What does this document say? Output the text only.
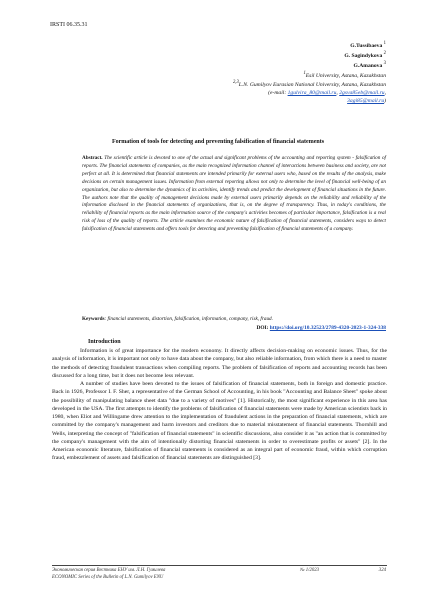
IRSTI 06.35.31
G.Tussibaeva $^1$
G. Sagindykova $^2$
G.Amanova $^3$
$^1$Esil University, Astana, Kazakhstan
$^{2,3}$L.N. Gumilyov Eurasian National University, Astana, Kazakhstan
(e-mail: 1gulvira_80@mail.ru, 2gsva85eb@mail.ru,
3agi85@mail.ru)
Formation of tools for detecting and preventing falsification of financial statements
Abstract. The scientific article is devoted to one of the actual and significant problems of the accounting and reporting system - falsification of reports. The financial statements of companies, as the main recognized information channel of interactions between business and society, are not perfect at all. It is determined that financial statements are intended primarily for external users who, based on the results of the analysis, make decisions on certain management issues. Information from external reporting allows not only to determine the level of financial well-being of an organization, but also to determine the dynamics of its activities, identify trends and predict the development of financial situations in the future. The authors note that the quality of management decisions made by external users primarily depends on the reliability and reliability of the information disclosed in the financial statements of organizations, that is, on the degree of transparency. Thus, in today's conditions, the reliability of financial reports as the main information source of the company's activities becomes of particular importance, falsification is a real risk of loss of the quality of reports. The article examines the economic nature of falsification of financial statements, considers ways to detect falsification of financial statements and offers tools for detecting and preventing falsification of financial statements of a company.
Keywords: financial statements, distortion, falsification, information, company, risk, fraud.
DOI: https://doi.org/10.32523/2789-4320-2023-1-324-338
Introduction

Information is of great importance for the modern economy. It directly affects decision-making on economic issues. Thus, for the analysis of information, it is important not only to have data about the company, but also reliable information, from which there is a need to master the methods of detecting fraudulent transactions when compiling reports. The problem of falsification of reports and accounting records has been discussed for a long time, but it does not become less relevant.

A number of studies have been devoted to the issues of falsification of financial statements, both in foreign and domestic practice. Back in 1926, Professor I. F. Sher, a representative of the German School of Accounting, in his book "Accounting and Balance Sheet" spoke about the possibility of manipulating balance sheet data "due to a variety of motives" [1]. Historically, the most significant experience in this area has developed in the USA. The first attempts to identify the problems of falsification of financial statements were made by American scientists back in 1980, when Eliot and Willingame drew attention to the implementation of fraudulent actions in the preparation of financial statements, which are committed by the company's management and harm investors and creditors due to material misstatement of financial statements. Thornhill and Wells, interpreting the concept of "falsification of financial statements" in scientific discussions, also consider it as "an action that is committed by the company's management with the aim of intentionally distorting financial statements in order to overestimate profits or assets" [2]. In the American economic literature, falsification of financial statements is considered as an integral part of economic fraud, within which corruption fraud, embezzlement of assets and falsification of financial statements are distinguished [3].

Экономическая серия Вестника ЕНУ им. Л.Н. Гумилева
ECONOMIC Series of the Bulletin of L.N. Gumilyov ENU
№ 1/2023	324
